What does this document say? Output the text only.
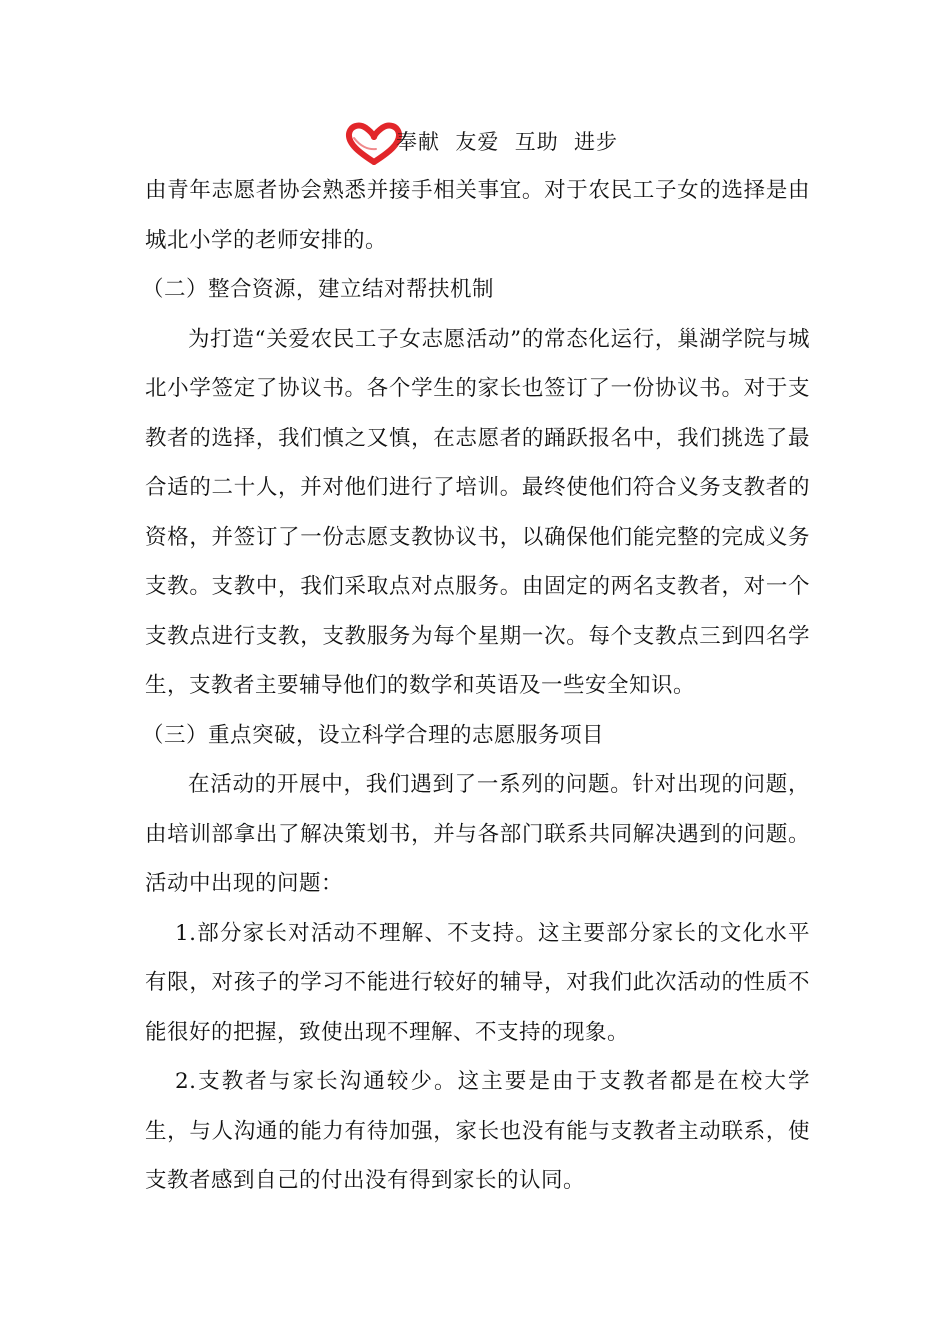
奉献  友爱  互助  进步

由青年志愿者协会熟悉并接手相关事宜。对于农民工子女的选择是由城北小学的老师安排的。

（二）整合资源，建立结对帮扶机制

为打造“关爱农民工子女志愿活动”的常态化运行，巢湖学院与城北小学签定了协议书。各个学生的家长也签订了一份协议书。对于支教者的选择，我们慎之又慎，在志愿者的踊跃报名中，我们挑选了最合适的二十人，并对他们进行了培训。最终使他们符合义务支教者的资格，并签订了一份志愿支教协议书，以确保他们能完整的完成义务支教。支教中，我们采取点对点服务。由固定的两名支教者，对一个支教点进行支教，支教服务为每个星期一次。每个支教点三到四名学生，支教者主要辅导他们的数学和英语及一些安全知识。

（三）重点突破，设立科学合理的志愿服务项目

在活动的开展中，我们遇到了一系列的问题。针对出现的问题，由培训部拿出了解决策划书，并与各部门联系共同解决遇到的问题。活动中出现的问题：

1.部分家长对活动不理解、不支持。这主要部分家长的文化水平有限，对孩子的学习不能进行较好的辅导，对我们此次活动的性质不能很好的把握，致使出现不理解、不支持的现象。

2.支教者与家长沟通较少。这主要是由于支教者都是在校大学生，与人沟通的能力有待加强，家长也没有能与支教者主动联系，使支教者感到自己的付出没有得到家长的认同。
